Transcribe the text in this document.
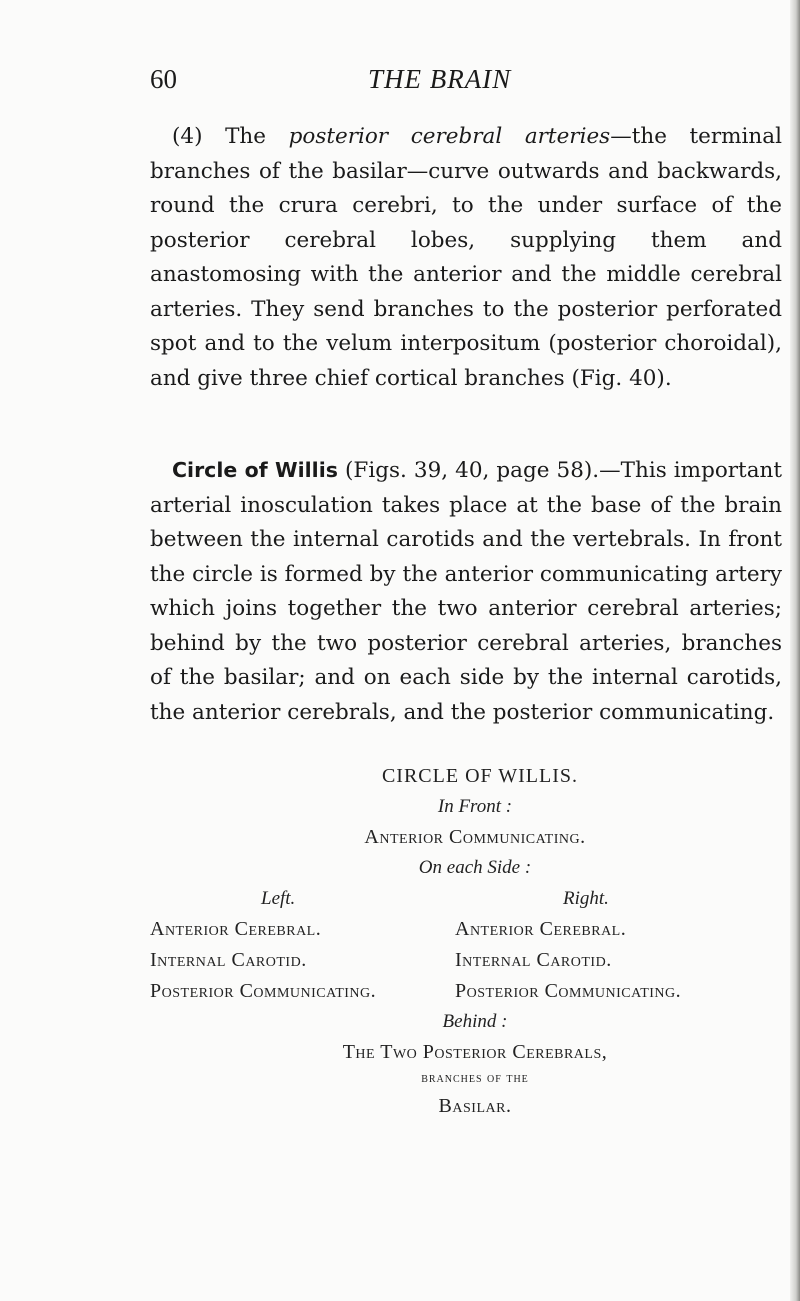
60	THE BRAIN
(4) The posterior cerebral arteries—the terminal branches of the basilar—curve outwards and backwards, round the crura cerebri, to the under surface of the posterior cerebral lobes, supplying them and anastomosing with the anterior and the middle cerebral arteries. They send branches to the posterior perforated spot and to the velum interpositum (posterior choroidal), and give three chief cortical branches (Fig. 40).
Circle of Willis (Figs. 39, 40, page 58).—This important arterial inosculation takes place at the base of the brain between the internal carotids and the vertebrals. In front the circle is formed by the anterior communicating artery which joins together the two anterior cerebral arteries; behind by the two posterior cerebral arteries, branches of the basilar; and on each side by the internal carotids, the anterior cerebrals, and the posterior communicating.
CIRCLE OF WILLIS.
In Front :
Anterior Communicating.
On each Side :
Left.	Right.
Anterior Cerebral.	Anterior Cerebral.
Internal Carotid.	Internal Carotid.
Posterior Communicating.	Posterior Communicating.
Behind :
The Two Posterior Cerebrals,
branches of the
Basilar.
